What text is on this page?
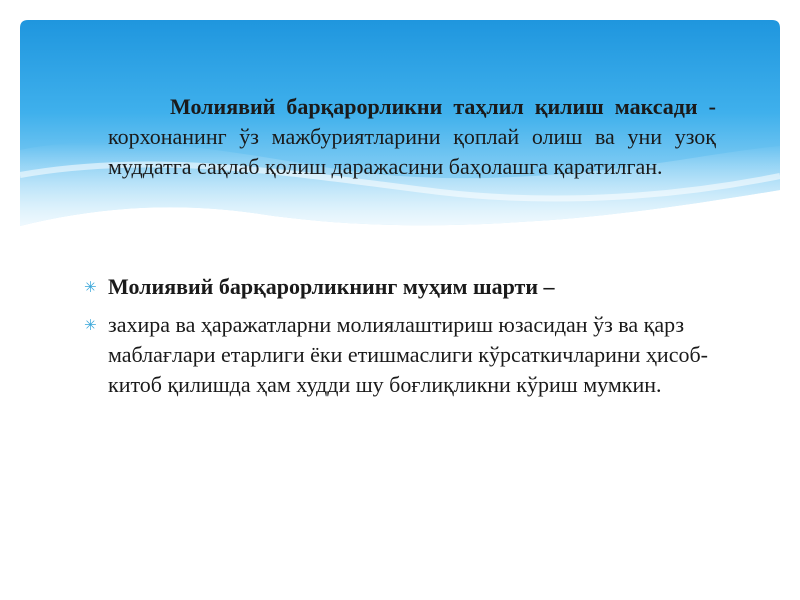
Молиявий барқарорликни таҳлил қилиш максади - корхонанинг ўз мажбуриятларини қоплай олиш ва уни узоқ муддатга сақлаб қолиш даражасини баҳолашга қаратилган.

✳ Молиявий барқарорликнинг муҳим шарти –
✳ захира ва ҳаражатларни молиялаштириш юзасидан ўз ва қарз маблағлари етарлиги ёки етишмаслиги кўрсаткичларини ҳисоб-китоб қилишда ҳам худди шу боғлиқликни кўриш мумкин.
